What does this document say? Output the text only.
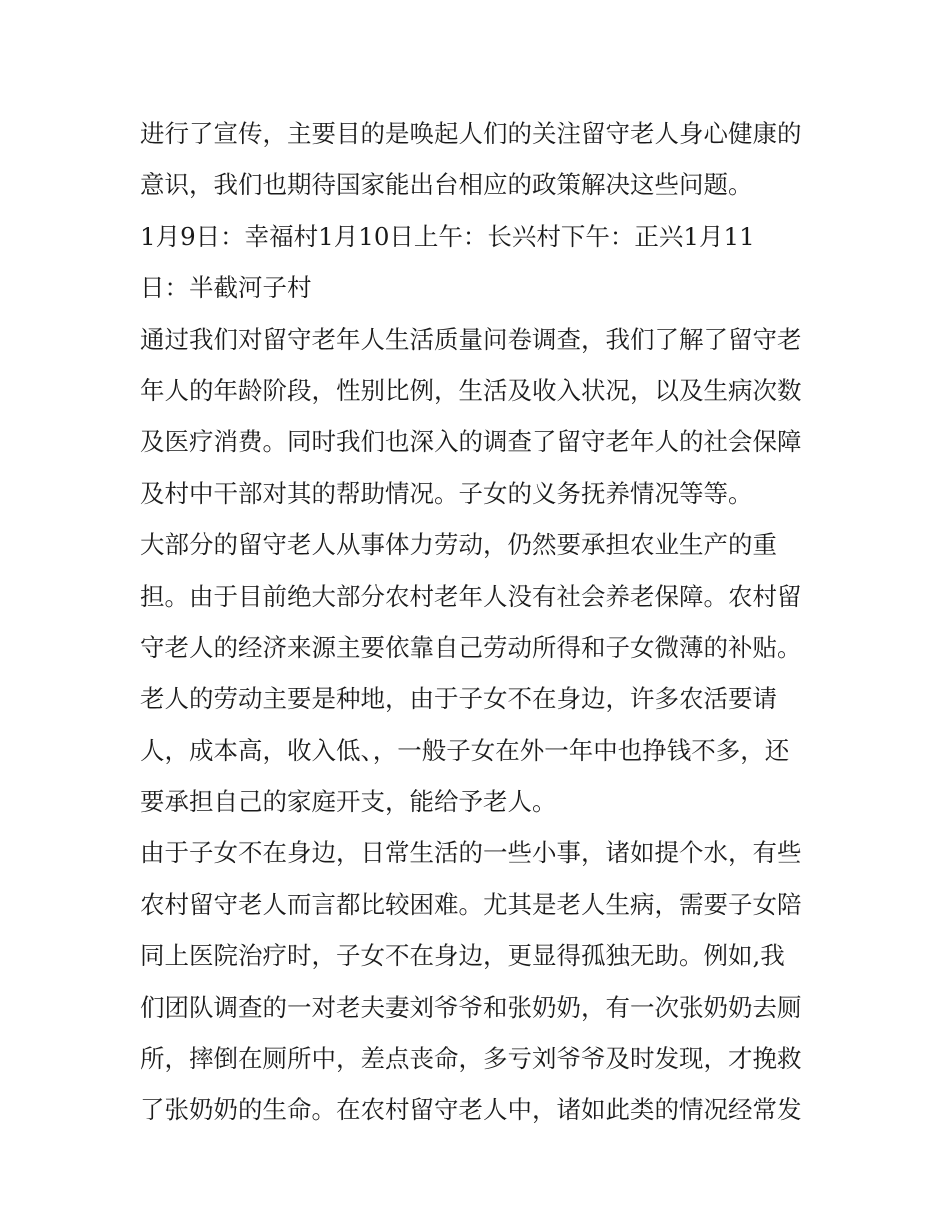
进行了宣传，主要目的是唤起人们的关注留守老人身心健康的
意识，我们也期待国家能出台相应的政策解决这些问题。
1月9日：幸福村1月10日上午：长兴村下午：正兴1月11
日：半截河子村
通过我们对留守老年人生活质量问卷调查，我们了解了留守老
年人的年龄阶段，性别比例，生活及收入状况，以及生病次数
及医疗消费。同时我们也深入的调查了留守老年人的社会保障
及村中干部对其的帮助情况。子女的义务抚养情况等等。
大部分的留守老人从事体力劳动，仍然要承担农业生产的重
担。由于目前绝大部分农村老年人没有社会养老保障。农村留
守老人的经济来源主要依靠自己劳动所得和子女微薄的补贴。
老人的劳动主要是种地，由于子女不在身边，许多农活要请
人，成本高，收入低、，一般子女在外一年中也挣钱不多，还
要承担自己的家庭开支，能给予老人。
由于子女不在身边，日常生活的一些小事，诸如提个水，有些
农村留守老人而言都比较困难。尤其是老人生病，需要子女陪
同上医院治疗时，子女不在身边，更显得孤独无助。例如,我
们团队调查的一对老夫妻刘爷爷和张奶奶，有一次张奶奶去厕
所，摔倒在厕所中，差点丧命，多亏刘爷爷及时发现，才挽救
了张奶奶的生命。在农村留守老人中，诸如此类的情况经常发
